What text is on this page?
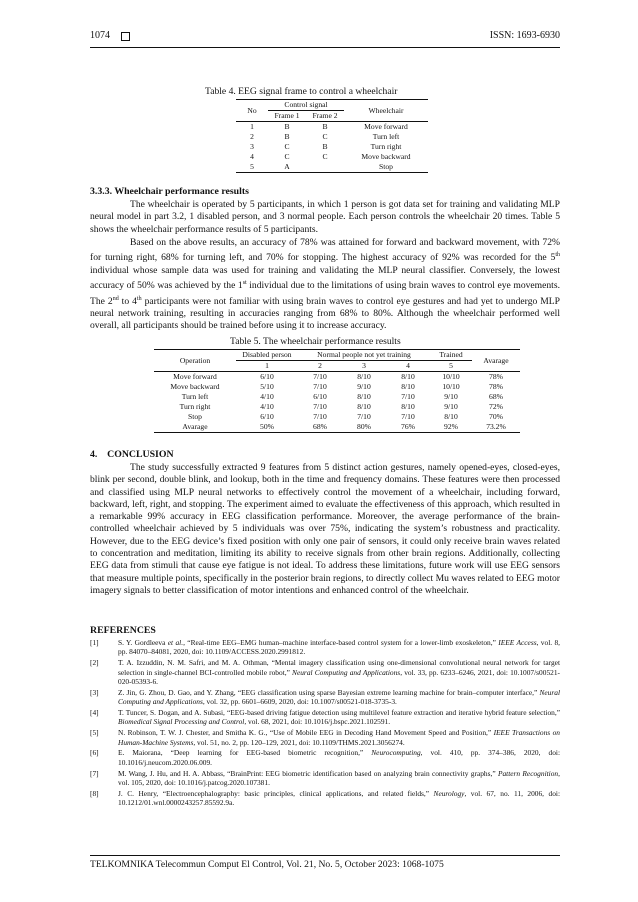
1074	ISSN: 1693-6930
Table 4. EEG signal frame to control a wheelchair
No	Control signal		Wheelchair
	Frame 1	Frame 2	
1	B	B	Move forward
2	B	C	Turn left
3	C	B	Turn right
4	C	C	Move backward
5	A		Stop
3.3.3. Wheelchair performance results

The wheelchair is operated by 5 participants, in which 1 person is got data set for training and validating MLP neural model in part 3.2, 1 disabled person, and 3 normal people. Each person controls the wheelchair 20 times. Table 5 shows the wheelchair performance results of 5 participants.

Based on the above results, an accuracy of 78% was attained for forward and backward movement, with 72% for turning right, 68% for turning left, and 70% for stopping. The highest accuracy of 92% was recorded for the 5th individual whose sample data was used for training and validating the MLP neural classifier. Conversely, the lowest accuracy of 50% was achieved by the 1st individual due to the limitations of using brain waves to control eye movements. The 2nd to 4th participants were not familiar with using brain waves to control eye gestures and had yet to undergo MLP neural network training, resulting in accuracies ranging from 68% to 80%. Although the wheelchair performed well overall, all participants should be trained before using it to increase accuracy.

Table 5. The wheelchair performance results
Operation	Disabled person	Normal people not yet training			Trained	Avarage
	1	2	3	4	5	
Move forward	6/10	7/10	8/10	8/10	10/10	78%
Move backward	5/10	7/10	9/10	8/10	10/10	78%
Turn left	4/10	6/10	8/10	7/10	9/10	68%
Turn right	4/10	7/10	8/10	8/10	9/10	72%
Stop	6/10	7/10	7/10	7/10	8/10	70%
Avarage	50%	68%	80%	76%	92%	73.2%
4.    CONCLUSION

The study successfully extracted 9 features from 5 distinct action gestures, namely opened-eyes, closed-eyes, blink per second, double blink, and lookup, both in the time and frequency domains. These features were then processed and classified using MLP neural networks to effectively control the movement of a wheelchair, including forward, backward, left, right, and stopping. The experiment aimed to evaluate the effectiveness of this approach, which resulted in a remarkable 99% accuracy in EEG classification performance. Moreover, the average performance of the brain-controlled wheelchair achieved by 5 individuals was over 75%, indicating the system’s robustness and practicality. However, due to the EEG device’s fixed position with only one pair of sensors, it could only receive brain waves related to concentration and meditation, limiting its ability to receive signals from other brain regions. Additionally, collecting EEG data from stimuli that cause eye fatigue is not ideal. To address these limitations, future work will use EEG sensors that measure multiple points, specifically in the posterior brain regions, to directly collect Mu waves related to EEG motor imagery signals to better classification of motor intentions and enhanced control of the wheelchair.

REFERENCES
[1]	S. Y. Gordleeva et al., “Real-time EEG–EMG human–machine interface-based control system for a lower-limb exoskeleton,” IEEE Access, vol. 8, pp. 84070–84081, 2020, doi: 10.1109/ACCESS.2020.2991812.
[2]	T. A. Izzuddin, N. M. Safri, and M. A. Othman, “Mental imagery classification using one-dimensional convolutional neural network for target selection in single-channel BCI-controlled mobile robot,” Neural Computing and Applications, vol. 33, pp. 6233–6246, 2021, doi: 10.1007/s00521-020-05393-6.
[3]	Z. Jin, G. Zhou, D. Gao, and Y. Zhang, “EEG classification using sparse Bayesian extreme learning machine for brain–computer interface,” Neural Computing and Applications, vol. 32, pp. 6601–6609, 2020, doi: 10.1007/s00521-018-3735-3.
[4]	T. Tuncer, S. Dogan, and A. Subasi, “EEG-based driving fatigue detection using multilevel feature extraction and iterative hybrid feature selection,” Biomedical Signal Processing and Control, vol. 68, 2021, doi: 10.1016/j.bspc.2021.102591.
[5]	N. Robinson, T. W. J. Chester, and Smitha K. G., “Use of Mobile EEG in Decoding Hand Movement Speed and Position,” IEEE Transactions on Human-Machine Systems, vol. 51, no. 2, pp. 120–129, 2021, doi: 10.1109/THMS.2021.3056274.
[6]	E. Maiorana, “Deep learning for EEG-based biometric recognition,” Neurocomputing, vol. 410, pp. 374–386, 2020, doi: 10.1016/j.neucom.2020.06.009.
[7]	M. Wang, J. Hu, and H. A. Abbass, “BrainPrint: EEG biometric identification based on analyzing brain connectivity graphs,” Pattern Recognition, vol. 105, 2020, doi: 10.1016/j.patcog.2020.107381.
[8]	J. C. Henry, “Electroencephalography: basic principles, clinical applications, and related fields,” Neurology, vol. 67, no. 11, 2006, doi: 10.1212/01.wnl.0000243257.85592.9a.
TELKOMNIKA Telecommun Comput El Control, Vol. 21, No. 5, October 2023: 1068-1075
